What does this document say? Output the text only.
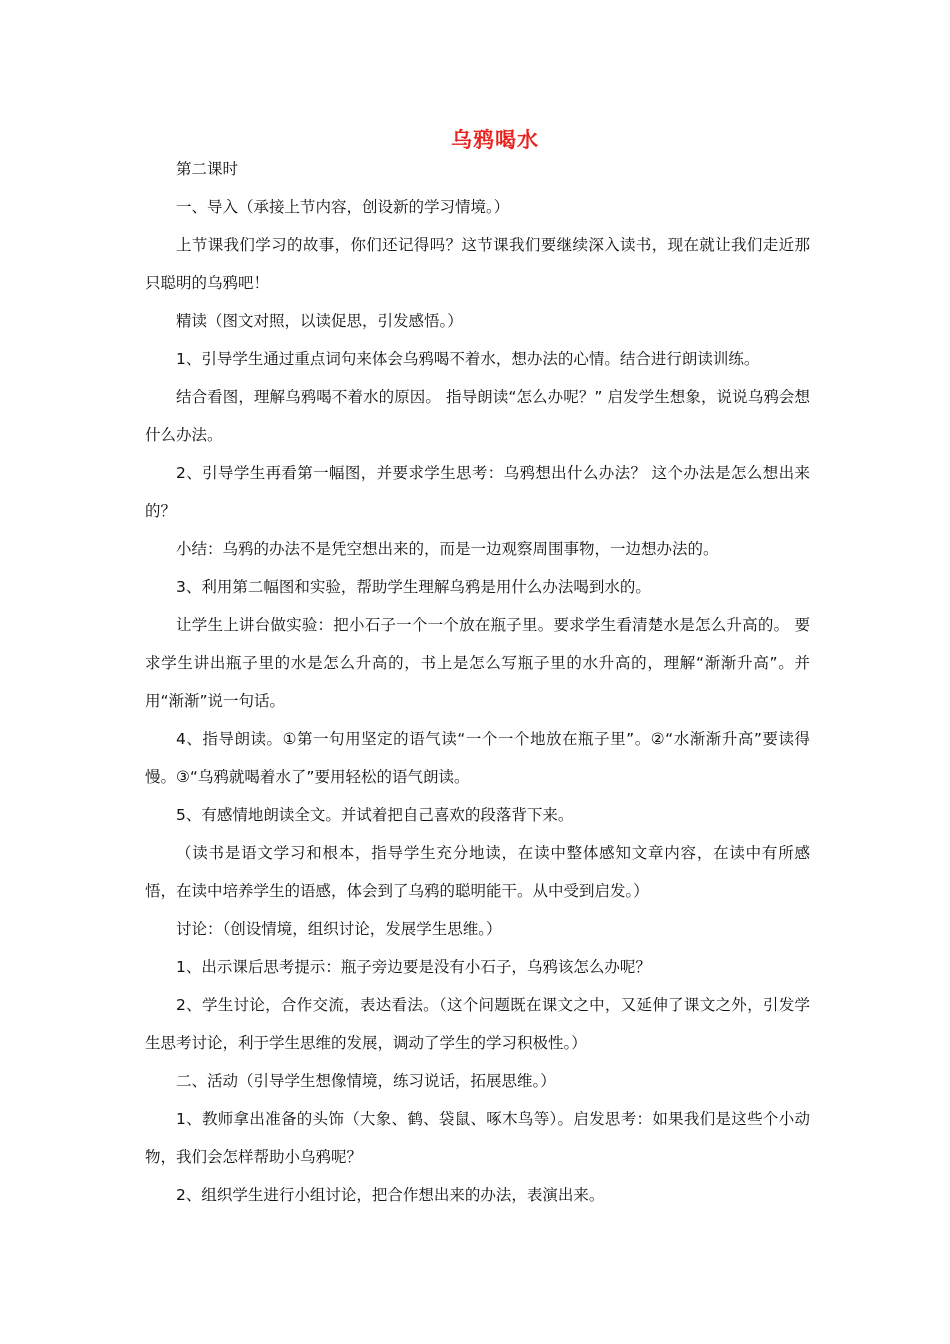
乌鸦喝水

第二课时

一、导入（承接上节内容，创设新的学习情境。）

上节课我们学习的故事，你们还记得吗？这节课我们要继续深入读书，现在就让我们走近那只聪明的乌鸦吧！

精读（图文对照，以读促思，引发感悟。）

1、引导学生通过重点词句来体会乌鸦喝不着水，想办法的心情。结合进行朗读训练。

结合看图，理解乌鸦喝不着水的原因。 指导朗读“怎么办呢？” 启发学生想象，说说乌鸦会想什么办法。

2、引导学生再看第一幅图，并要求学生思考：乌鸦想出什么办法？ 这个办法是怎么想出来的？

小结：乌鸦的办法不是凭空想出来的，而是一边观察周围事物，一边想办法的。

3、利用第二幅图和实验，帮助学生理解乌鸦是用什么办法喝到水的。

让学生上讲台做实验：把小石子一个一个放在瓶子里。要求学生看清楚水是怎么升高的。 要求学生讲出瓶子里的水是怎么升高的，书上是怎么写瓶子里的水升高的，理解“渐渐升高”。并用“渐渐”说一句话。

4、指导朗读。①第一句用坚定的语气读“一个一个地放在瓶子里”。②“水渐渐升高”要读得慢。③“乌鸦就喝着水了”要用轻松的语气朗读。

5、有感情地朗读全文。并试着把自己喜欢的段落背下来。

（读书是语文学习和根本，指导学生充分地读，在读中整体感知文章内容，在读中有所感悟，在读中培养学生的语感，体会到了乌鸦的聪明能干。从中受到启发。）

讨论：（创设情境，组织讨论，发展学生思维。）

1、出示课后思考提示：瓶子旁边要是没有小石子，乌鸦该怎么办呢？

2、学生讨论，合作交流，表达看法。（这个问题既在课文之中，又延伸了课文之外，引发学生思考讨论，利于学生思维的发展，调动了学生的学习积极性。）

二、活动（引导学生想像情境，练习说话，拓展思维。）

1、教师拿出准备的头饰（大象、鹤、袋鼠、啄木鸟等）。启发思考：如果我们是这些个小动物，我们会怎样帮助小乌鸦呢？

2、组织学生进行小组讨论，把合作想出来的办法，表演出来。
